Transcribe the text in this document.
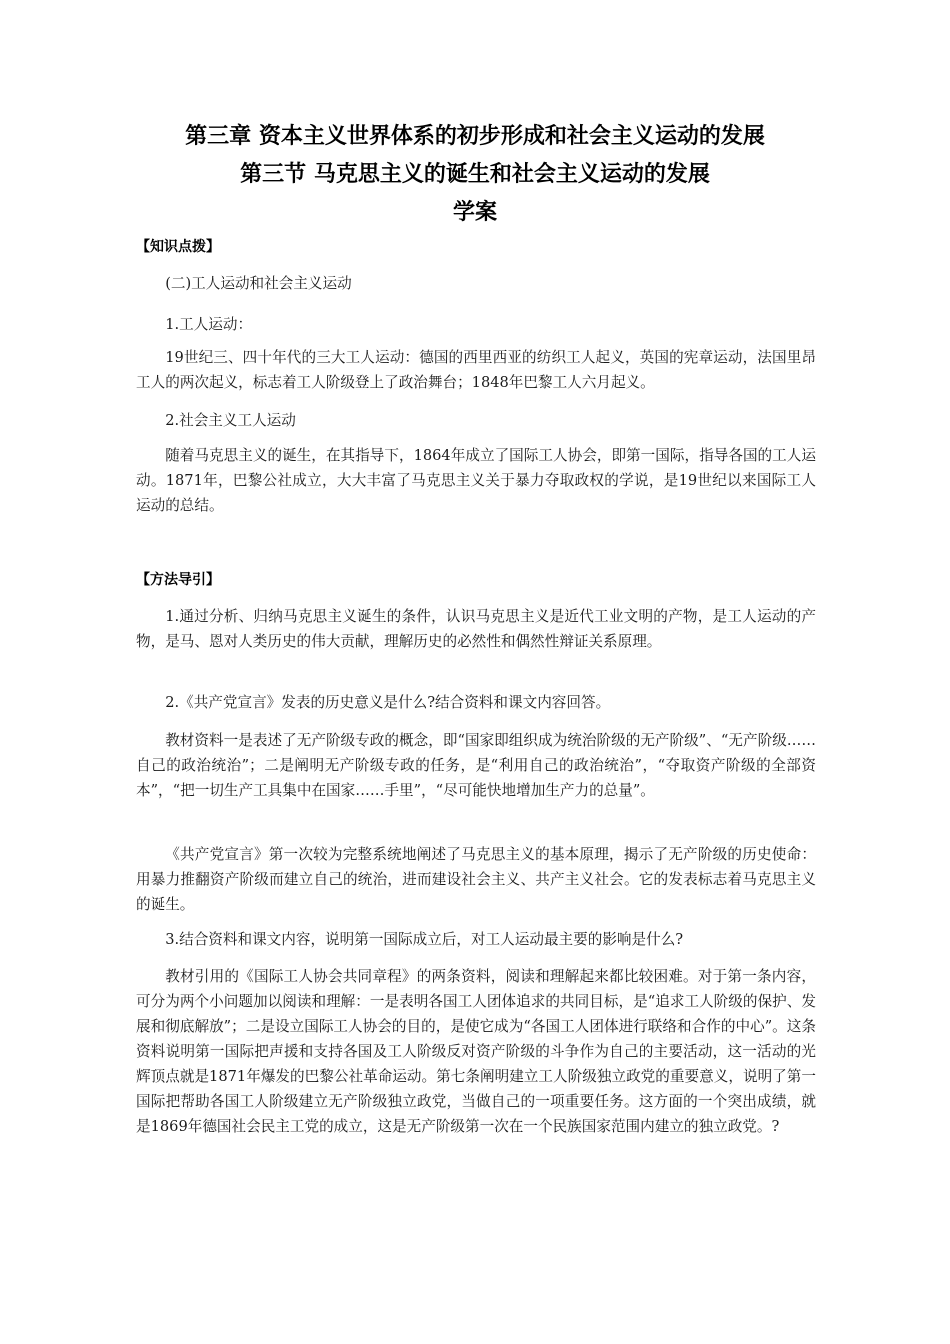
第三章 资本主义世界体系的初步形成和社会主义运动的发展
第三节 马克思主义的诞生和社会主义运动的发展
学案
【知识点拨】
(二)工人运动和社会主义运动
1.工人运动：
19世纪三、四十年代的三大工人运动：德国的西里西亚的纺织工人起义，英国的宪章运动，法国里昂工人的两次起义，标志着工人阶级登上了政治舞台；1848年巴黎工人六月起义。
2.社会主义工人运动
随着马克思主义的诞生，在其指导下，1864年成立了国际工人协会，即第一国际，指导各国的工人运动。1871年，巴黎公社成立，大大丰富了马克思主义关于暴力夺取政权的学说，是19世纪以来国际工人运动的总结。
【方法导引】
1.通过分析、归纳马克思主义诞生的条件，认识马克思主义是近代工业文明的产物，是工人运动的产物，是马、恩对人类历史的伟大贡献，理解历史的必然性和偶然性辩证关系原理。
2.《共产党宣言》发表的历史意义是什么?结合资料和课文内容回答。
教材资料一是表述了无产阶级专政的概念，即“国家即组织成为统治阶级的无产阶级”、“无产阶级……自己的政治统治”；二是阐明无产阶级专政的任务，是“利用自己的政治统治”，“夺取资产阶级的全部资本”，“把一切生产工具集中在国家……手里”，“尽可能快地增加生产力的总量”。
《共产党宣言》第一次较为完整系统地阐述了马克思主义的基本原理，揭示了无产阶级的历史使命：用暴力推翻资产阶级而建立自己的统治，进而建设社会主义、共产主义社会。它的发表标志着马克思主义的诞生。
3.结合资料和课文内容，说明第一国际成立后，对工人运动最主要的影响是什么?
教材引用的《国际工人协会共同章程》的两条资料，阅读和理解起来都比较困难。对于第一条内容，可分为两个小问题加以阅读和理解：一是表明各国工人团体追求的共同目标，是“追求工人阶级的保护、发展和彻底解放”；二是设立国际工人协会的目的，是使它成为“各国工人团体进行联络和合作的中心”。这条资料说明第一国际把声援和支持各国及工人阶级反对资产阶级的斗争作为自己的主要活动，这一活动的光辉顶点就是1871年爆发的巴黎公社革命运动。第七条阐明建立工人阶级独立政党的重要意义，说明了第一国际把帮助各国工人阶级建立无产阶级独立政党，当做自己的一项重要任务。这方面的一个突出成绩，就是1869年德国社会民主工党的成立，这是无产阶级第一次在一个民族国家范围内建立的独立政党。?
